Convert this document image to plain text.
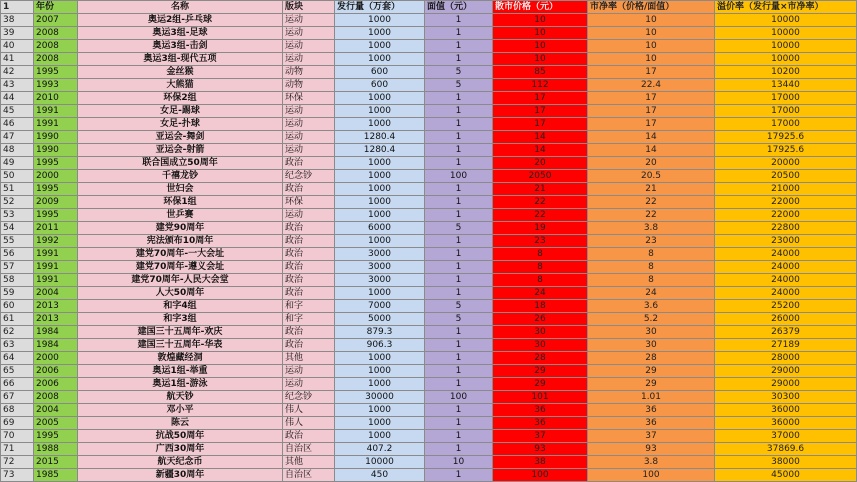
1	年份	名称	版块	发行量（万套）	面值（元）	散市价格（元）	市净率（价格/面值）	溢价率（发行量×市净率）
38	2007	奥运2组-乒乓球	运动	1000	1	10	10	10000
39	2008	奥运3组-足球	运动	1000	1	10	10	10000
40	2008	奥运3组-击剑	运动	1000	1	10	10	10000
41	2008	奥运3组-现代五项	运动	1000	1	10	10	10000
42	1995	金丝猴	动物	600	5	85	17	10200
43	1993	大熊猫	动物	600	5	112	22.4	13440
44	2010	环保2组	环保	1000	1	17	17	17000
45	1991	女足-踢球	运动	1000	1	17	17	17000
46	1991	女足-扑球	运动	1000	1	17	17	17000
47	1990	亚运会-舞剑	运动	1280.4	1	14	14	17925.6
48	1990	亚运会-射箭	运动	1280.4	1	14	14	17925.6
49	1995	联合国成立50周年	政治	1000	1	20	20	20000
50	2000	千禧龙钞	纪念钞	1000	100	2050	20.5	20500
51	1995	世妇会	政治	1000	1	21	21	21000
52	2009	环保1组	环保	1000	1	22	22	22000
53	1995	世乒赛	运动	1000	1	22	22	22000
54	2011	建党90周年	政治	6000	5	19	3.8	22800
55	1992	宪法颁布10周年	政治	1000	1	23	23	23000
56	1991	建党70周年-一大会址	政治	3000	1	8	8	24000
57	1991	建党70周年-遵义会址	政治	3000	1	8	8	24000
58	1991	建党70周年-人民大会堂	政治	3000	1	8	8	24000
59	2004	人大50周年	政治	1000	1	24	24	24000
60	2013	和字4组	和字	7000	5	18	3.6	25200
61	2013	和字3组	和字	5000	5	26	5.2	26000
62	1984	建国三十五周年-欢庆	政治	879.3	1	30	30	26379
63	1984	建国三十五周年-华表	政治	906.3	1	30	30	27189
64	2000	敦煌藏经洞	其他	1000	1	28	28	28000
65	2006	奥运1组-举重	运动	1000	1	29	29	29000
66	2006	奥运1组-游泳	运动	1000	1	29	29	29000
67	2008	航天钞	纪念钞	30000	100	101	1.01	30300
68	2004	邓小平	伟人	1000	1	36	36	36000
69	2005	陈云	伟人	1000	1	36	36	36000
70	1995	抗战50周年	政治	1000	1	37	37	37000
71	1988	广西30周年	自治区	407.2	1	93	93	37869.6
72	2015	航天纪念币	其他	10000	10	38	3.8	38000
73	1985	新疆30周年	自治区	450	1	100	100	45000
